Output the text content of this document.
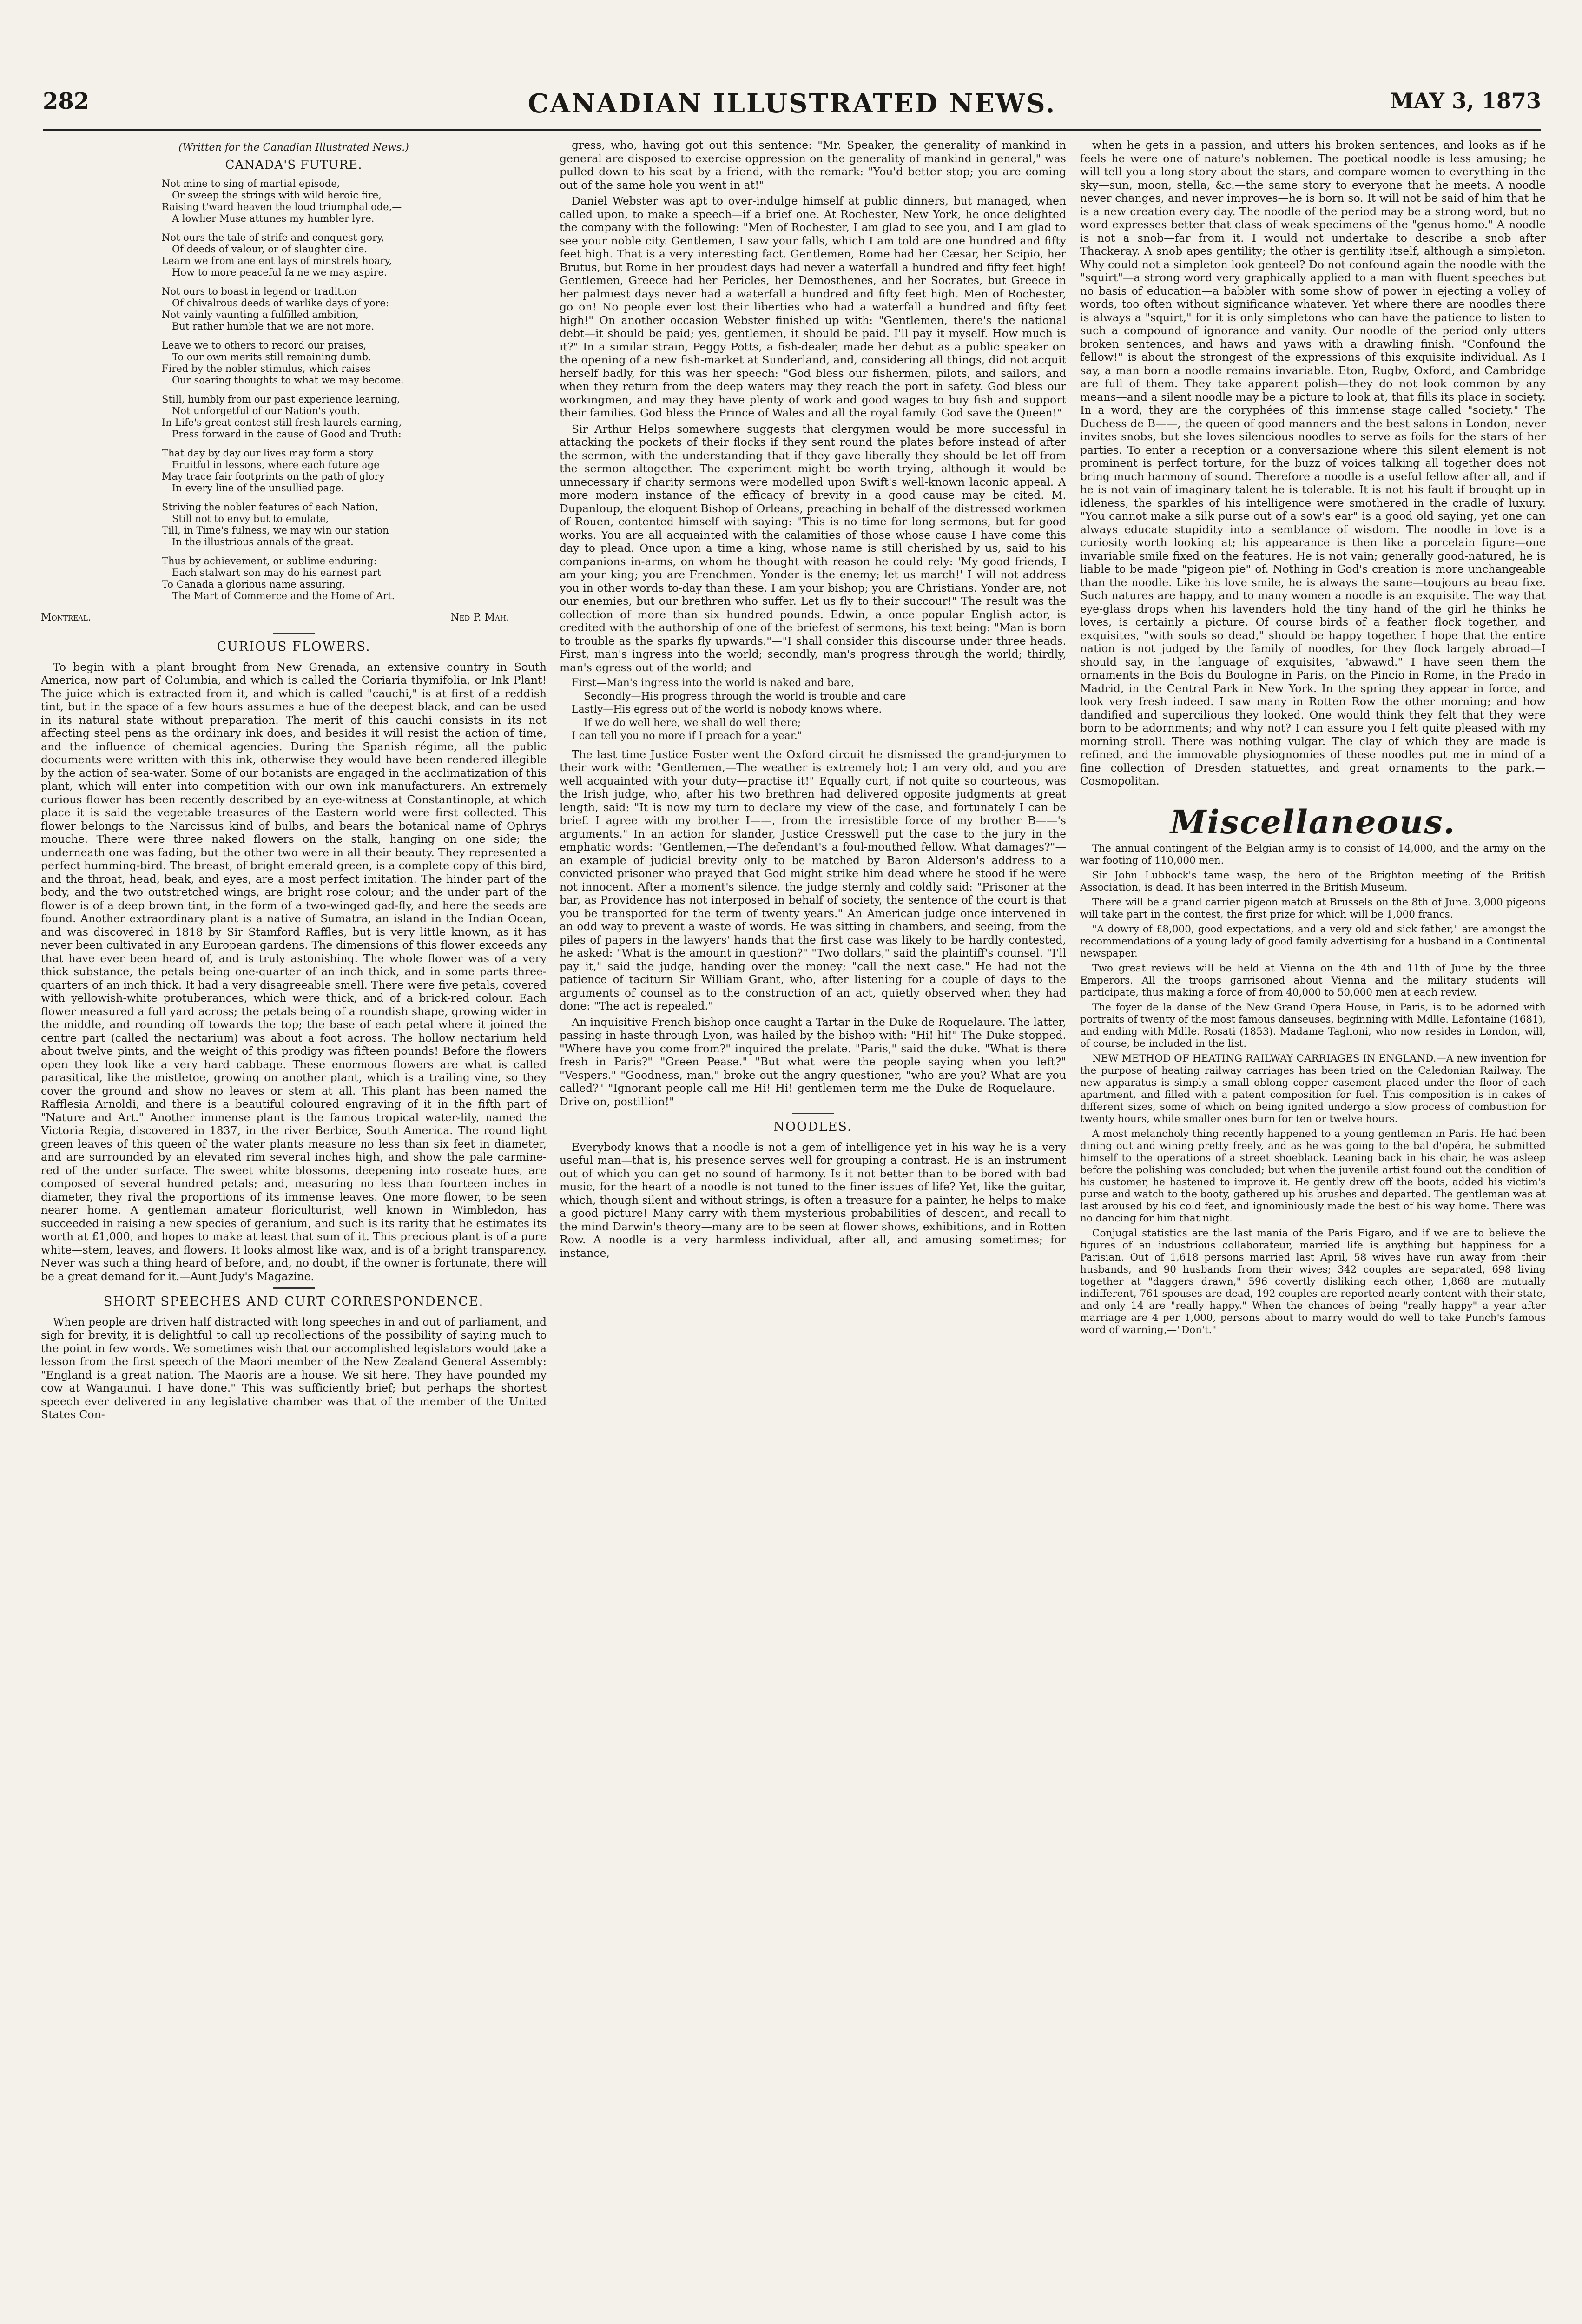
282	CANADIAN ILLUSTRATED NEWS.	MAY 3, 1873
(Written for the Canadian Illustrated News.)
CANADA'S FUTURE.
Not mine to sing of martial episode,
Or sweep the strings with wild heroic fire,
Raising t'ward heaven the loud triumphal ode,—
A lowlier Muse attunes my humbler lyre.
Not ours the tale of strife and conquest gory,
Of deeds of valour, or of slaughter dire.
Learn we from ane ent lays of minstrels hoary,
How to more peaceful fa ne we may aspire.
Not ours to boast in legend or tradition
Of chivalrous deeds of warlike days of yore:
Not vainly vaunting a fulfilled ambition,
But rather humble that we are not more.
Leave we to others to record our praises,
To our own merits still remaining dumb.
Fired by the nobler stimulus, which raises
Our soaring thoughts to what we may become.
Still, humbly from our past experience learning,
Not unforgetful of our Nation's youth.
In Life's great contest still fresh laurels earning,
Press forward in the cause of Good and Truth:
That day by day our lives may form a story
Fruitful in lessons, where each future age
May trace fair footprints on the path of glory
In every line of the unsullied page.
Striving the nobler features of each Nation,
Still not to envy but to emulate,
Till, in Time's fulness, we may win our station
In the illustrious annals of the great.
Thus by achievement, or sublime enduring:
Each stalwart son may do his earnest part
To Canada a glorious name assuring,
The Mart of Commerce and the Home of Art.
Montreal.	Ned P. Mah.
CURIOUS FLOWERS.

To begin with a plant brought from New Grenada, an extensive country in South America, now part of Columbia, and which is called the Coriaria thymifolia, or Ink Plant! The juice which is extracted from it, and which is called "cauchi," is at first of a reddish tint, but in the space of a few hours assumes a hue of the deepest black, and can be used in its natural state without preparation. The merit of this cauchi consists in its not affecting steel pens as the ordinary ink does, and besides it will resist the action of time, and the influence of chemical agencies. During the Spanish régime, all the public documents were written with this ink, otherwise they would have been rendered illegible by the action of sea-water. Some of our botanists are engaged in the acclimatization of this plant, which will enter into competition with our own ink manufacturers. An extremely curious flower has been recently described by an eye-witness at Constantinople, at which place it is said the vegetable treasures of the Eastern world were first collected. This flower belongs to the Narcissus kind of bulbs, and bears the botanical name of Ophrys mouche. There were three naked flowers on the stalk, hanging on one side; the underneath one was fading, but the other two were in all their beauty. They represented a perfect humming-bird. The breast, of bright emerald green, is a complete copy of this bird, and the throat, head, beak, and eyes, are a most perfect imitation. The hinder part of the body, and the two outstretched wings, are bright rose colour; and the under part of the flower is of a deep brown tint, in the form of a two-winged gad-fly, and here the seeds are found. Another extraordinary plant is a native of Sumatra, an island in the Indian Ocean, and was discovered in 1818 by Sir Stamford Raffles, but is very little known, as it has never been cultivated in any European gardens. The dimensions of this flower exceeds any that have ever been heard of, and is truly astonishing. The whole flower was of a very thick substance, the petals being one-quarter of an inch thick, and in some parts three-quarters of an inch thick. It had a very disagreeable smell. There were five petals, covered with yellowish-white protuberances, which were thick, and of a brick-red colour. Each flower measured a full yard across; the petals being of a roundish shape, growing wider in the middle, and rounding off towards the top; the base of each petal where it joined the centre part (called the nectarium) was about a foot across. The hollow nectarium held about twelve pints, and the weight of this prodigy was fifteen pounds! Before the flowers open they look like a very hard cabbage. These enormous flowers are what is called parasitical, like the mistletoe, growing on another plant, which is a trailing vine, so they cover the ground and show no leaves or stem at all. This plant has been named the Rafflesia Arnoldi, and there is a beautiful coloured engraving of it in the fifth part of "Nature and Art." Another immense plant is the famous tropical water-lily, named the Victoria Regia, discovered in 1837, in the river Berbice, South America. The round light green leaves of this queen of the water plants measure no less than six feet in diameter, and are surrounded by an elevated rim several inches high, and show the pale carmine-red of the under surface. The sweet white blossoms, deepening into roseate hues, are composed of several hundred petals; and, measuring no less than fourteen inches in diameter, they rival the proportions of its immense leaves. One more flower, to be seen nearer home. A gentleman amateur floriculturist, well known in Wimbledon, has succeeded in raising a new species of geranium, and such is its rarity that he estimates its worth at £1,000, and hopes to make at least that sum of it. This precious plant is of a pure white—stem, leaves, and flowers. It looks almost like wax, and is of a bright transparency. Never was such a thing heard of before, and, no doubt, if the owner is fortunate, there will be a great demand for it.—Aunt Judy's Magazine.

SHORT SPEECHES AND CURT CORRESPONDENCE.

When people are driven half distracted with long speeches in and out of parliament, and sigh for brevity, it is delightful to call up recollections of the possibility of saying much to the point in few words. We sometimes wish that our accomplished legislators would take a lesson from the first speech of the Maori member of the New Zealand General Assembly: "England is a great nation. The Maoris are a house. We sit here. They have pounded my cow at Wangaunui. I have done." This was sufficiently brief; but perhaps the shortest speech ever delivered in any legislative chamber was that of the member of the United States Con-

gress, who, having got out this sentence: "Mr. Speaker, the generality of mankind in general are disposed to exercise oppression on the generality of mankind in general," was pulled down to his seat by a friend, with the remark: "You'd better stop; you are coming out of the same hole you went in at!"

Daniel Webster was apt to over-indulge himself at public dinners, but managed, when called upon, to make a speech—if a brief one. At Rochester, New York, he once delighted the company with the following: "Men of Rochester, I am glad to see you, and I am glad to see your noble city. Gentlemen, I saw your falls, which I am told are one hundred and fifty feet high. That is a very interesting fact. Gentlemen, Rome had her Cæsar, her Scipio, her Brutus, but Rome in her proudest days had never a waterfall a hundred and fifty feet high! Gentlemen, Greece had her Pericles, her Demosthenes, and her Socrates, but Greece in her palmiest days never had a waterfall a hundred and fifty feet high. Men of Rochester, go on! No people ever lost their liberties who had a waterfall a hundred and fifty feet high!" On another occasion Webster finished up with: "Gentlemen, there's the national debt—it should be paid; yes, gentlemen, it should be paid. I'll pay it myself. How much is it?" In a similar strain, Peggy Potts, a fish-dealer, made her debut as a public speaker on the opening of a new fish-market at Sunderland, and, considering all things, did not acquit herself badly, for this was her speech: "God bless our fishermen, pilots, and sailors, and when they return from the deep waters may they reach the port in safety. God bless our workingmen, and may they have plenty of work and good wages to buy fish and support their families. God bless the Prince of Wales and all the royal family. God save the Queen!"

Sir Arthur Helps somewhere suggests that clergymen would be more successful in attacking the pockets of their flocks if they sent round the plates before instead of after the sermon, with the understanding that if they gave liberally they should be let off from the sermon altogether. The experiment might be worth trying, although it would be unnecessary if charity sermons were modelled upon Swift's well-known laconic appeal. A more modern instance of the efficacy of brevity in a good cause may be cited. M. Dupanloup, the eloquent Bishop of Orleans, preaching in behalf of the distressed workmen of Rouen, contented himself with saying: "This is no time for long sermons, but for good works. You are all acquainted with the calamities of those whose cause I have come this day to plead. Once upon a time a king, whose name is still cherished by us, said to his companions in-arms, on whom he thought with reason he could rely: 'My good friends, I am your king; you are Frenchmen. Yonder is the enemy; let us march!' I will not address you in other words to-day than these. I am your bishop; you are Christians. Yonder are, not our enemies, but our brethren who suffer. Let us fly to their succour!" The result was the collection of more than six hundred pounds. Edwin, a once popular English actor, is credited with the authorship of one of the briefest of sermons, his text being: "Man is born to trouble as the sparks fly upwards."—"I shall consider this discourse under three heads. First, man's ingress into the world; secondly, man's progress through the world; thirdly, man's egress out of the world; and

First—Man's ingress into the world is naked and bare,
Secondly—His progress through the world is trouble and care
Lastly—His egress out of the world is nobody knows where.
If we do well here, we shall do well there;
I can tell you no more if I preach for a year."

The last time Justice Foster went the Oxford circuit he dismissed the grand-jurymen to their work with: "Gentlemen,—The weather is extremely hot; I am very old, and you are well acquainted with your duty—practise it!" Equally curt, if not quite so courteous, was the Irish judge, who, after his two brethren had delivered opposite judgments at great length, said: "It is now my turn to declare my view of the case, and fortunately I can be brief. I agree with my brother I——, from the irresistible force of my brother B——'s arguments." In an action for slander, Justice Cresswell put the case to the jury in the emphatic words: "Gentlemen,—The defendant's a foul-mouthed fellow. What damages?"—an example of judicial brevity only to be matched by Baron Alderson's address to a convicted prisoner who prayed that God might strike him dead where he stood if he were not innocent. After a moment's silence, the judge sternly and coldly said: "Prisoner at the bar, as Providence has not interposed in behalf of society, the sentence of the court is that you be transported for the term of twenty years." An American judge once intervened in an odd way to prevent a waste of words. He was sitting in chambers, and seeing, from the piles of papers in the lawyers' hands that the first case was likely to be hardly contested, he asked: "What is the amount in question?" "Two dollars," said the plaintiff's counsel. "I'll pay it," said the judge, handing over the money; "call the next case." He had not the patience of taciturn Sir William Grant, who, after listening for a couple of days to the arguments of counsel as to the construction of an act, quietly observed when they had done: "The act is repealed."

An inquisitive French bishop once caught a Tartar in the Duke de Roquelaure. The latter, passing in haste through Lyon, was hailed by the bishop with: "Hi! hi!" The Duke stopped. "Where have you come from?" inquired the prelate. "Paris," said the duke. "What is there fresh in Paris?" "Green Pease." "But what were the people saying when you left?" "Vespers." "Goodness, man," broke out the angry questioner, "who are you? What are you called?" "Ignorant people call me Hi! Hi! gentlemen term me the Duke de Roquelaure.—Drive on, postillion!"

NOODLES.

Everybody knows that a noodle is not a gem of intelligence yet in his way he is a very useful man—that is, his presence serves well for grouping a contrast. He is an instrument out of which you can get no sound of harmony. Is it not better than to be bored with bad music, for the heart of a noodle is not tuned to the finer issues of life? Yet, like the guitar, which, though silent and without strings, is often a treasure for a painter, he helps to make a good picture! Many carry with them mysterious probabilities of descent, and recall to the mind Darwin's theory—many are to be seen at flower shows, exhibitions, and in Rotten Row. A noodle is a very harmless individual, after all, and amusing sometimes; for instance,

when he gets in a passion, and utters his broken sentences, and looks as if he feels he were one of nature's noblemen. The poetical noodle is less amusing; he will tell you a long story about the stars, and compare women to everything in the sky—sun, moon, stella, &c.—the same story to everyone that he meets. A noodle never changes, and never improves—he is born so. It will not be said of him that he is a new creation every day. The noodle of the period may be a strong word, but no word expresses better that class of weak specimens of the "genus homo." A noodle is not a snob—far from it. I would not undertake to describe a snob after Thackeray. A snob apes gentility; the other is gentility itself, although a simpleton. Why could not a simpleton look genteel? Do not confound again the noodle with the "squirt"—a strong word very graphically applied to a man with fluent speeches but no basis of education—a babbler with some show of power in ejecting a volley of words, too often without significance whatever. Yet where there are noodles there is always a "squirt," for it is only simpletons who can have the patience to listen to such a compound of ignorance and vanity. Our noodle of the period only utters broken sentences, and haws and yaws with a drawling finish. "Confound the fellow!" is about the strongest of the expressions of this exquisite individual. As I say, a man born a noodle remains invariable. Eton, Rugby, Oxford, and Cambridge are full of them. They take apparent polish—they do not look common by any means—and a silent noodle may be a picture to look at, that fills its place in society. In a word, they are the coryphées of this immense stage called "society." The Duchess de B——, the queen of good manners and the best salons in London, never invites snobs, but she loves silencious noodles to serve as foils for the stars of her parties. To enter a reception or a conversazione where this silent element is not prominent is perfect torture, for the buzz of voices talking all together does not bring much harmony of sound. Therefore a noodle is a useful fellow after all, and if he is not vain of imaginary talent he is tolerable. It is not his fault if brought up in idleness, the sparkles of his intelligence were smothered in the cradle of luxury. "You cannot make a silk purse out of a sow's ear" is a good old saying, yet one can always educate stupidity into a semblance of wisdom. The noodle in love is a curiosity worth looking at; his appearance is then like a porcelain figure—one invariable smile fixed on the features. He is not vain; generally good-natured, he is liable to be made "pigeon pie" of. Nothing in God's creation is more unchangeable than the noodle. Like his love smile, he is always the same—toujours au beau fixe. Such natures are happy, and to many women a noodle is an exquisite. The way that eye-glass drops when his lavenders hold the tiny hand of the girl he thinks he loves, is certainly a picture. Of course birds of a feather flock together, and exquisites, "with souls so dead," should be happy together. I hope that the entire nation is not judged by the family of noodles, for they flock largely abroad—I should say, in the language of exquisites, "abwawd." I have seen them the ornaments in the Bois du Boulogne in Paris, on the Pincio in Rome, in the Prado in Madrid, in the Central Park in New York. In the spring they appear in force, and look very fresh indeed. I saw many in Rotten Row the other morning; and how dandified and supercilious they looked. One would think they felt that they were born to be adornments; and why not? I can assure you I felt quite pleased with my morning stroll. There was nothing vulgar. The clay of which they are made is refined, and the immovable physiognomies of these noodles put me in mind of a fine collection of Dresden statuettes, and great ornaments to the park.—Cosmopolitan.

Miscellaneous.

The annual contingent of the Belgian army is to consist of 14,000, and the army on the war footing of 110,000 men.

Sir John Lubbock's tame wasp, the hero of the Brighton meeting of the British Association, is dead. It has been interred in the British Museum.

There will be a grand carrier pigeon match at Brussels on the 8th of June. 3,000 pigeons will take part in the contest, the first prize for which will be 1,000 francs.

"A dowry of £8,000, good expectations, and a very old and sick father," are amongst the recommendations of a young lady of good family advertising for a husband in a Continental newspaper.

Two great reviews will be held at Vienna on the 4th and 11th of June by the three Emperors. All the troops garrisoned about Vienna and the military students will participate, thus making a force of from 40,000 to 50,000 men at each review.

The foyer de la danse of the New Grand Opera House, in Paris, is to be adorned with portraits of twenty of the most famous danseuses, beginning with Mdlle. Lafontaine (1681), and ending with Mdlle. Rosati (1853). Madame Taglioni, who now resides in London, will, of course, be included in the list.

NEW METHOD OF HEATING RAILWAY CARRIAGES IN ENGLAND.—A new invention for the purpose of heating railway carriages has been tried on the Caledonian Railway. The new apparatus is simply a small oblong copper casement placed under the floor of each apartment, and filled with a patent composition for fuel. This composition is in cakes of different sizes, some of which on being ignited undergo a slow process of combustion for twenty hours, while smaller ones burn for ten or twelve hours.

A most melancholy thing recently happened to a young gentleman in Paris. He had been dining out and wining pretty freely, and as he was going to the bal d'opéra, he submitted himself to the operations of a street shoeblack. Leaning back in his chair, he was asleep before the polishing was concluded; but when the juvenile artist found out the condition of his customer, he hastened to improve it. He gently drew off the boots, added his victim's purse and watch to the booty, gathered up his brushes and departed. The gentleman was at last aroused by his cold feet, and ignominiously made the best of his way home. There was no dancing for him that night.

Conjugal statistics are the last mania of the Paris Figaro, and if we are to believe the figures of an industrious collaborateur, married life is anything but happiness for a Parisian. Out of 1,618 persons married last April, 58 wives have run away from their husbands, and 90 husbands from their wives; 342 couples are separated, 698 living together at "daggers drawn," 596 covertly disliking each other, 1,868 are mutually indifferent, 761 spouses are dead, 192 couples are reported nearly content with their state, and only 14 are "really happy." When the chances of being "really happy" a year after marriage are 4 per 1,000, persons about to marry would do well to take Punch's famous word of warning,—"Don't."
